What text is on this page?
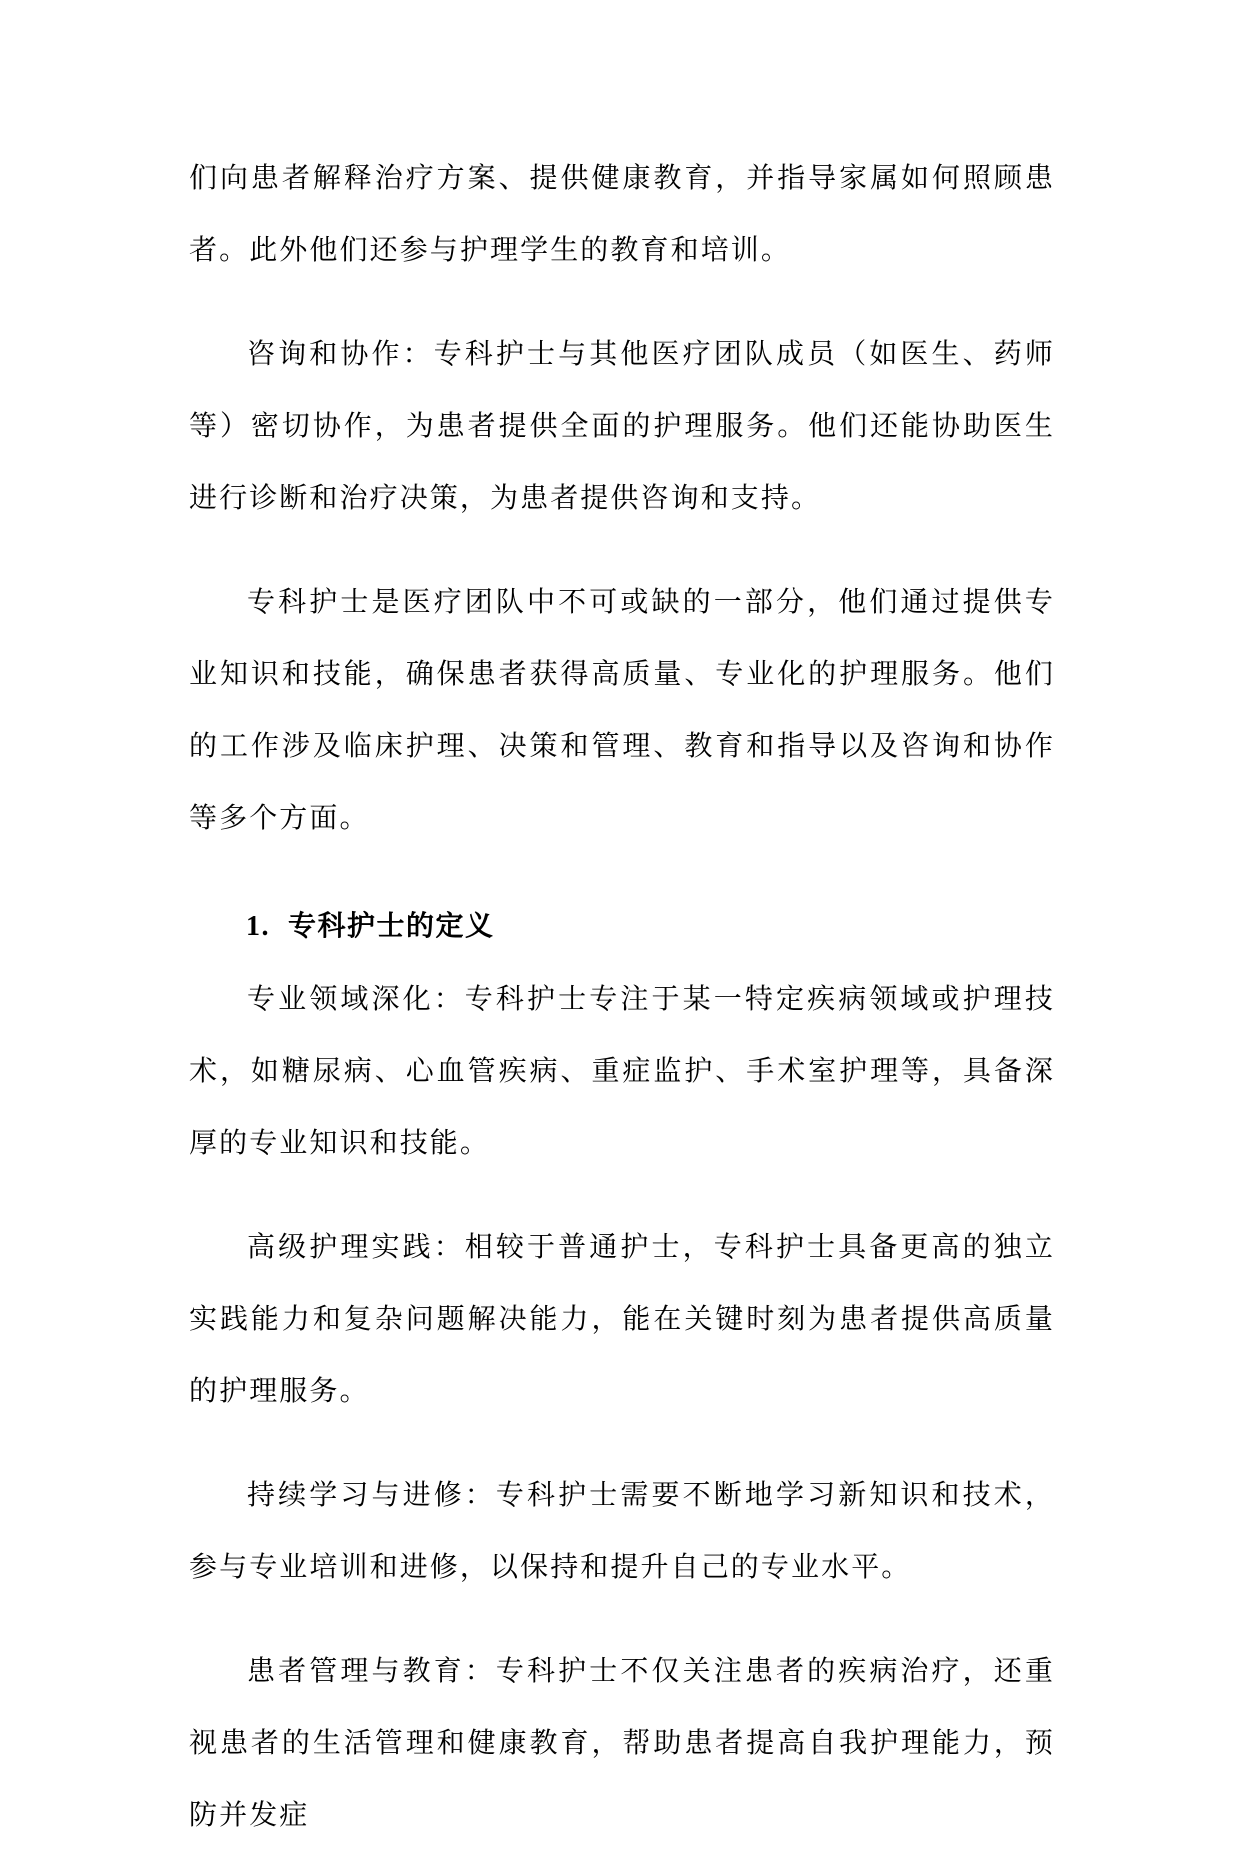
们向患者解释治疗方案、提供健康教育，并指导家属如何照顾患者。此外他们还参与护理学生的教育和培训。

咨询和协作：专科护士与其他医疗团队成员（如医生、药师等）密切协作，为患者提供全面的护理服务。他们还能协助医生进行诊断和治疗决策，为患者提供咨询和支持。

专科护士是医疗团队中不可或缺的一部分，他们通过提供专业知识和技能，确保患者获得高质量、专业化的护理服务。他们的工作涉及临床护理、决策和管理、教育和指导以及咨询和协作等多个方面。

1. 专科护士的定义

专业领域深化：专科护士专注于某一特定疾病领域或护理技术，如糖尿病、心血管疾病、重症监护、手术室护理等，具备深厚的专业知识和技能。

高级护理实践：相较于普通护士，专科护士具备更高的独立实践能力和复杂问题解决能力，能在关键时刻为患者提供高质量的护理服务。

持续学习与进修：专科护士需要不断地学习新知识和技术，参与专业培训和进修，以保持和提升自己的专业水平。

患者管理与教育：专科护士不仅关注患者的疾病治疗，还重视患者的生活管理和健康教育，帮助患者提高自我护理能力，预防并发症
